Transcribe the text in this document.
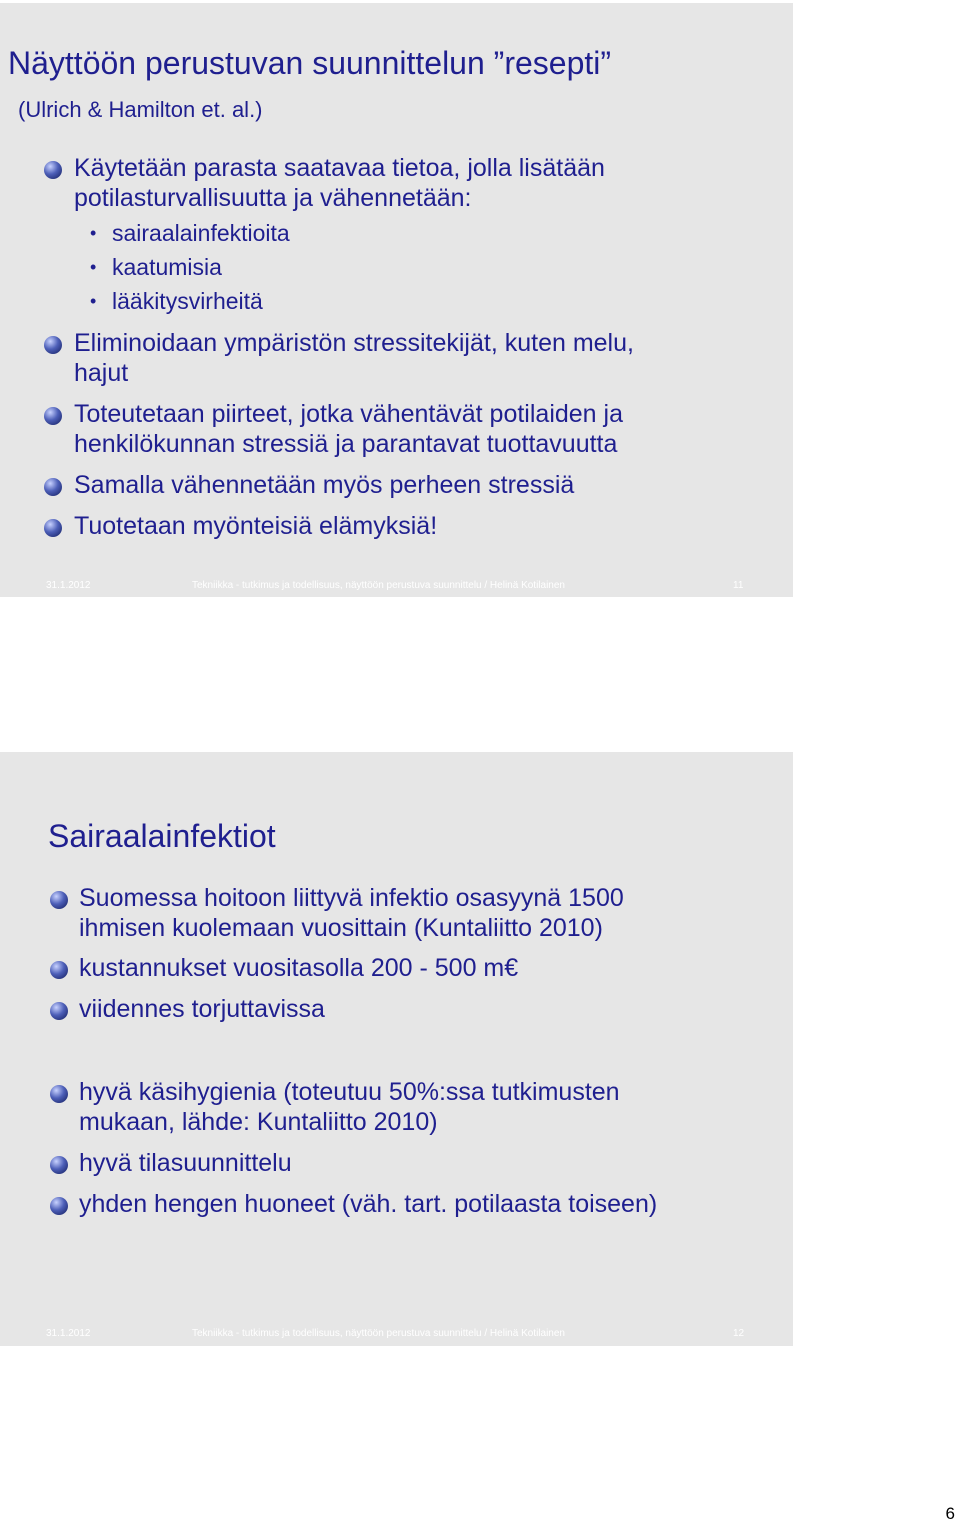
Näyttöön perustuvan suunnittelun ”resepti”
(Ulrich & Hamilton et. al.)
Käytetään parasta saatavaa tietoa, jolla lisätään
potilasturvallisuutta ja vähennetään:
• sairaalainfektioita
• kaatumisia
• lääkitysvirheitä
Eliminoidaan ympäristön stressitekijät, kuten melu,
hajut
Toteutetaan piirteet, jotka vähentävät potilaiden ja
henkilökunnan stressiä ja parantavat tuottavuutta
Samalla vähennetään myös perheen stressiä
Tuotetaan myönteisiä elämyksiä!
31.1.2012	Tekniikka - tutkimus ja todellisuus, näyttöön perustuva suunnittelu / Helinä Kotilainen	11
Sairaalainfektiot
Suomessa hoitoon liittyvä infektio osasyynä 1500
ihmisen kuolemaan vuosittain (Kuntaliitto 2010)
kustannukset vuositasolla 200 - 500 m€
viidennes torjuttavissa
hyvä käsihygienia (toteutuu 50%:ssa tutkimusten
mukaan, lähde: Kuntaliitto 2010)
hyvä tilasuunnittelu
yhden hengen huoneet (väh. tart. potilaasta toiseen)
31.1.2012	Tekniikka - tutkimus ja todellisuus, näyttöön perustuva suunnittelu / Helinä Kotilainen	12
6
